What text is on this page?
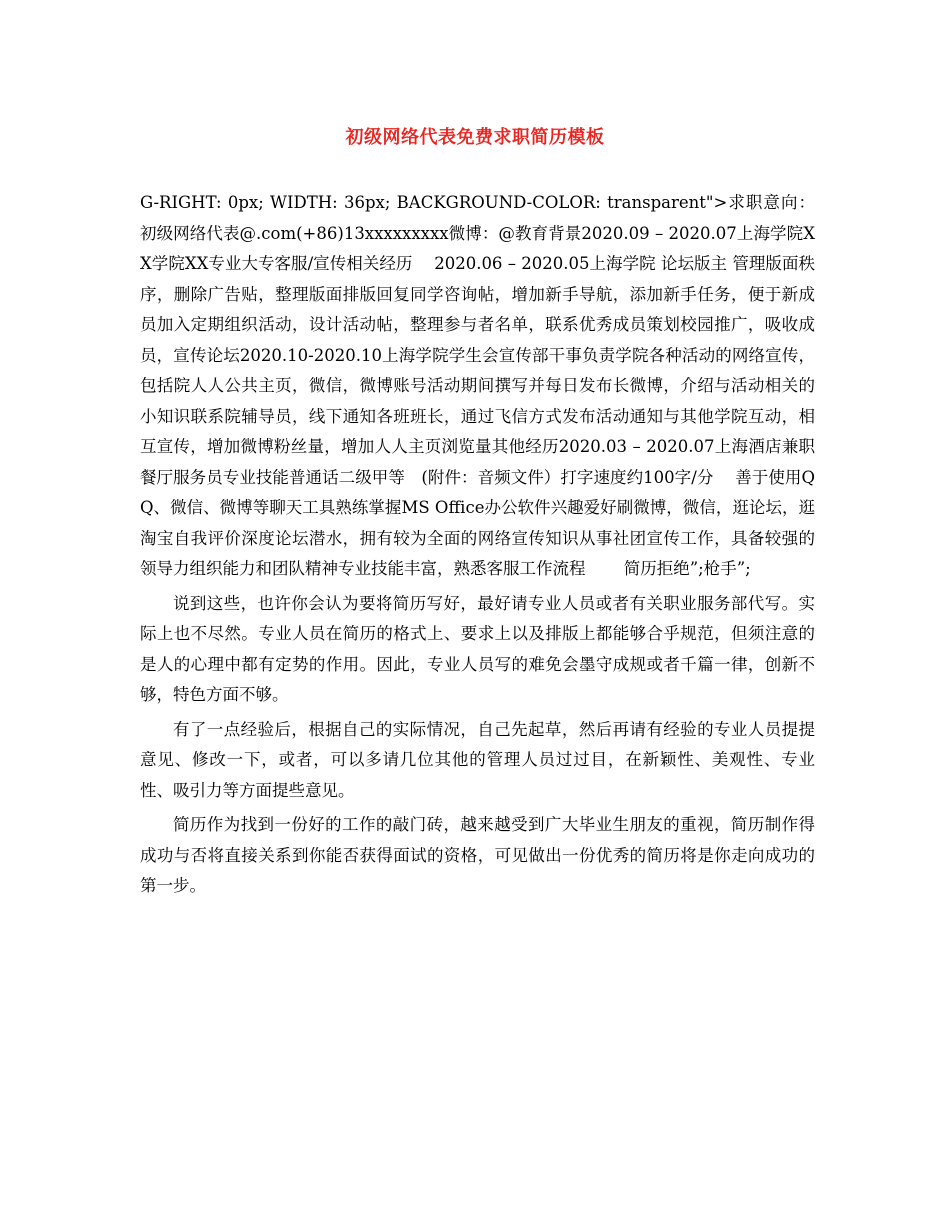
初级网络代表免费求职简历模板

G-RIGHT: 0px; WIDTH: 36px; BACKGROUND-COLOR: transparent">求职意向：初级网络代表@.com(+86)13xxxxxxxxx微博：@教育背景2020.09 – 2020.07上海学院XX学院XX专业大专客服/宣传相关经历　 2020.06 – 2020.05上海学院 论坛版主 管理版面秩序，删除广告贴，整理版面排版回复同学咨询帖，增加新手导航，添加新手任务，便于新成员加入定期组织活动，设计活动帖，整理参与者名单，联系优秀成员策划校园推广，吸收成员，宣传论坛2020.10-2020.10上海学院学生会宣传部干事负责学院各种活动的网络宣传，包括院人人公共主页，微信，微博账号活动期间撰写并每日发布长微博，介绍与活动相关的小知识联系院辅导员，线下通知各班班长，通过飞信方式发布活动通知与其他学院互动，相互宣传，增加微博粉丝量，增加人人主页浏览量其他经历2020.03 – 2020.07上海酒店兼职餐厅服务员专业技能普通话二级甲等　(附件：音频文件）打字速度约100字/分　 善于使用QQ、微信、微博等聊天工具熟练掌握MS Office办公软件兴趣爱好刷微博，微信，逛论坛，逛淘宝自我评价深度论坛潜水，拥有较为全面的网络宣传知识从事社团宣传工作，具备较强的领导力组织能力和团队精神专业技能丰富，熟悉客服工作流程　　 简历拒绝”;枪手”;

说到这些，也许你会认为要将简历写好，最好请专业人员或者有关职业服务部代写。实际上也不尽然。专业人员在简历的格式上、要求上以及排版上都能够合乎规范，但须注意的是人的心理中都有定势的作用。因此，专业人员写的难免会墨守成规或者千篇一律，创新不够，特色方面不够。

有了一点经验后，根据自己的实际情况，自己先起草，然后再请有经验的专业人员提提意见、修改一下，或者，可以多请几位其他的管理人员过过目，在新颖性、美观性、专业性、吸引力等方面提些意见。

简历作为找到一份好的工作的敲门砖，越来越受到广大毕业生朋友的重视，简历制作得成功与否将直接关系到你能否获得面试的资格，可见做出一份优秀的简历将是你走向成功的第一步。
